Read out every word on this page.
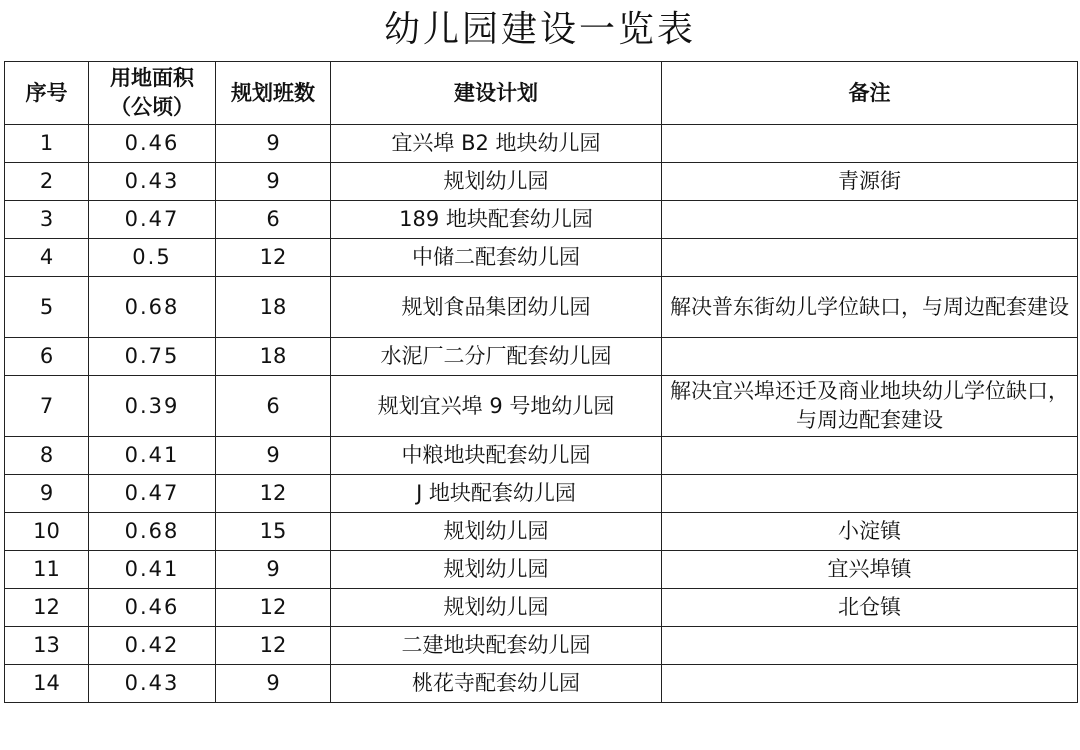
幼儿园建设一览表
序号	用地面积（公顷）	规划班数	建设计划	备注
1	0.46	9	宜兴埠 B2 地块幼儿园	
2	0.43	9	规划幼儿园	青源街
3	0.47	6	189 地块配套幼儿园	
4	0.5	12	中储二配套幼儿园	
5	0.68	18	规划食品集团幼儿园	解决普东街幼儿学位缺口，与周边配套建设
6	0.75	18	水泥厂二分厂配套幼儿园	
7	0.39	6	规划宜兴埠 9 号地幼儿园	解决宜兴埠还迁及商业地块幼儿学位缺口，与周边配套建设
8	0.41	9	中粮地块配套幼儿园	
9	0.47	12	J 地块配套幼儿园	
10	0.68	15	规划幼儿园	小淀镇
11	0.41	9	规划幼儿园	宜兴埠镇
12	0.46	12	规划幼儿园	北仓镇
13	0.42	12	二建地块配套幼儿园	
14	0.43	9	桃花寺配套幼儿园	
